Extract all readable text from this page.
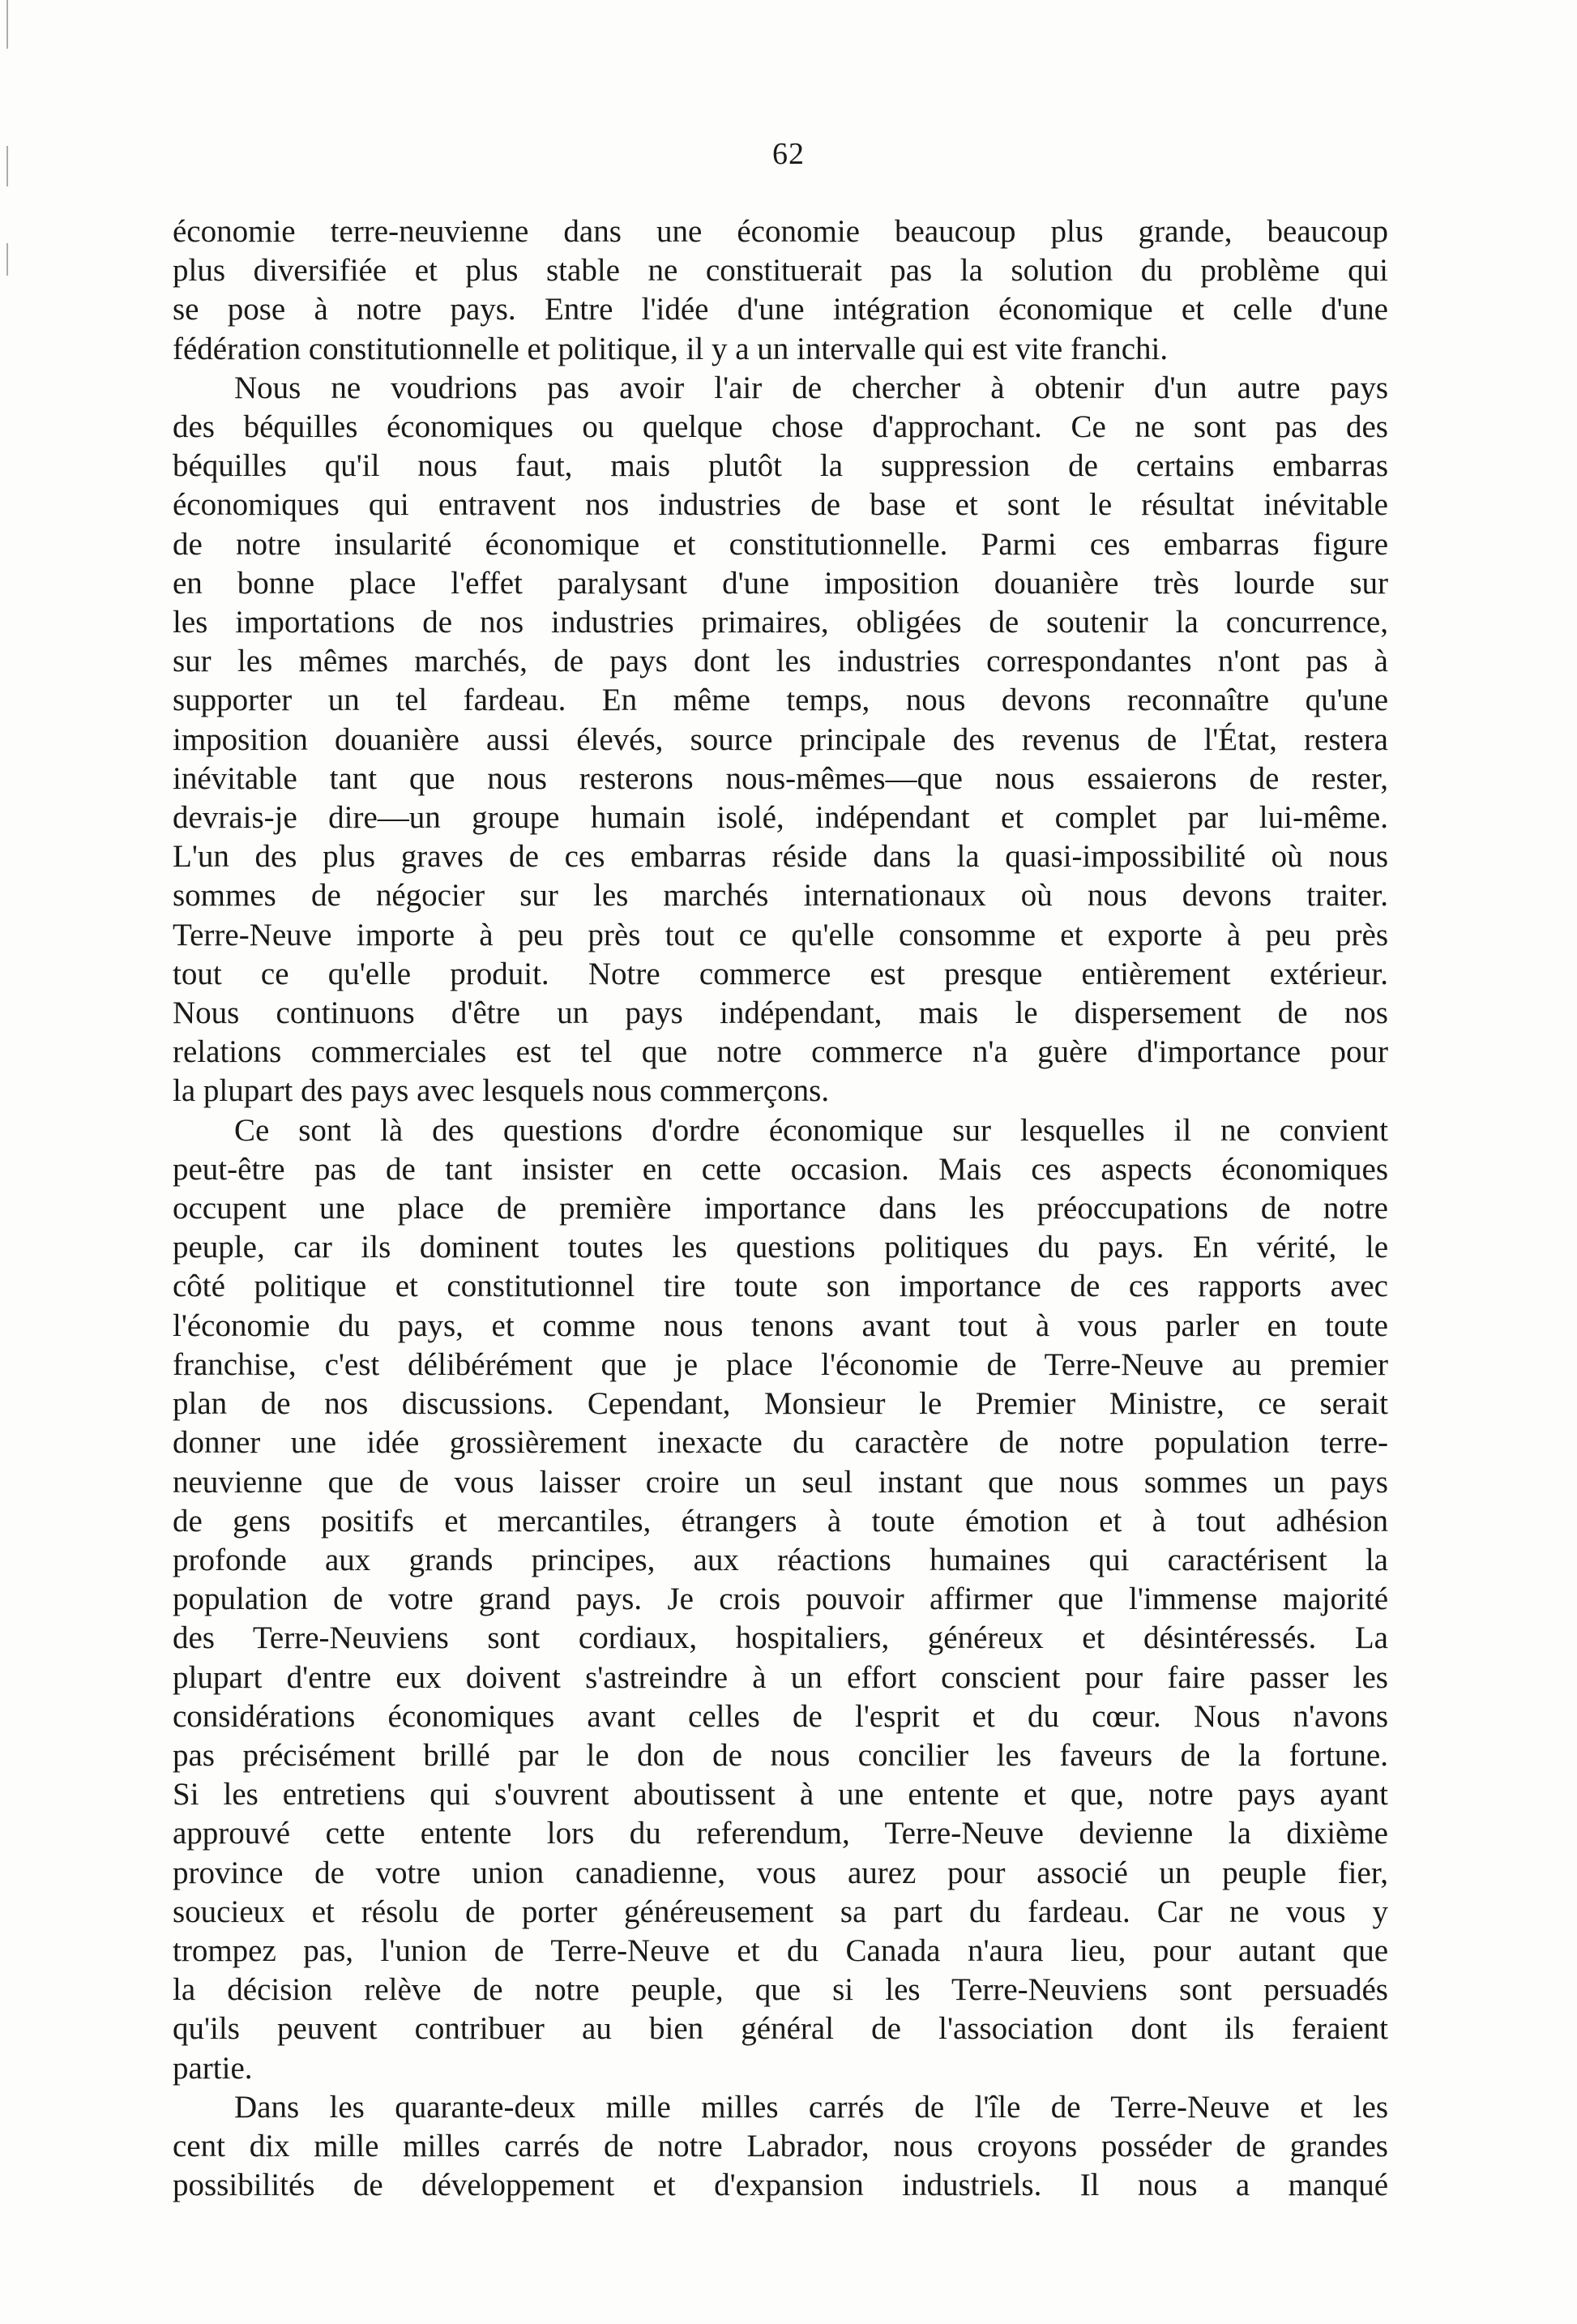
62

économie terre-neuvienne dans une économie beaucoup plus grande, beaucoup
plus diversifiée et plus stable ne constituerait pas la solution du problème qui
se pose à notre pays. Entre l'idée d'une intégration économique et celle d'une
fédération constitutionnelle et politique, il y a un intervalle qui est vite franchi.

Nous ne voudrions pas avoir l'air de chercher à obtenir d'un autre pays
des béquilles économiques ou quelque chose d'approchant. Ce ne sont pas des
béquilles qu'il nous faut, mais plutôt la suppression de certains embarras
économiques qui entravent nos industries de base et sont le résultat inévitable
de notre insularité économique et constitutionnelle. Parmi ces embarras figure
en bonne place l'effet paralysant d'une imposition douanière très lourde sur
les importations de nos industries primaires, obligées de soutenir la concurrence,
sur les mêmes marchés, de pays dont les industries correspondantes n'ont pas à
supporter un tel fardeau. En même temps, nous devons reconnaître qu'une
imposition douanière aussi élevés, source principale des revenus de l'État, restera
inévitable tant que nous resterons nous-mêmes—que nous essaierons de rester,
devrais-je dire—un groupe humain isolé, indépendant et complet par lui-même.
L'un des plus graves de ces embarras réside dans la quasi-impossibilité où nous
sommes de négocier sur les marchés internationaux où nous devons traiter.
Terre-Neuve importe à peu près tout ce qu'elle consomme et exporte à peu près
tout ce qu'elle produit. Notre commerce est presque entièrement extérieur.
Nous continuons d'être un pays indépendant, mais le dispersement de nos
relations commerciales est tel que notre commerce n'a guère d'importance pour
la plupart des pays avec lesquels nous commerçons.

Ce sont là des questions d'ordre économique sur lesquelles il ne convient
peut-être pas de tant insister en cette occasion. Mais ces aspects économiques
occupent une place de première importance dans les préoccupations de notre
peuple, car ils dominent toutes les questions politiques du pays. En vérité, le
côté politique et constitutionnel tire toute son importance de ces rapports avec
l'économie du pays, et comme nous tenons avant tout à vous parler en toute
franchise, c'est délibérément que je place l'économie de Terre-Neuve au premier
plan de nos discussions. Cependant, Monsieur le Premier Ministre, ce serait
donner une idée grossièrement inexacte du caractère de notre population terre-
neuvienne que de vous laisser croire un seul instant que nous sommes un pays
de gens positifs et mercantiles, étrangers à toute émotion et à tout adhésion
profonde aux grands principes, aux réactions humaines qui caractérisent la
population de votre grand pays. Je crois pouvoir affirmer que l'immense majorité
des Terre-Neuviens sont cordiaux, hospitaliers, généreux et désintéressés. La
plupart d'entre eux doivent s'astreindre à un effort conscient pour faire passer les
considérations économiques avant celles de l'esprit et du cœur. Nous n'avons
pas précisément brillé par le don de nous concilier les faveurs de la fortune.
Si les entretiens qui s'ouvrent aboutissent à une entente et que, notre pays ayant
approuvé cette entente lors du referendum, Terre-Neuve devienne la dixième
province de votre union canadienne, vous aurez pour associé un peuple fier,
soucieux et résolu de porter généreusement sa part du fardeau. Car ne vous y
trompez pas, l'union de Terre-Neuve et du Canada n'aura lieu, pour autant que
la décision relève de notre peuple, que si les Terre-Neuviens sont persuadés
qu'ils peuvent contribuer au bien général de l'association dont ils feraient
partie.

Dans les quarante-deux mille milles carrés de l'île de Terre-Neuve et les
cent dix mille milles carrés de notre Labrador, nous croyons posséder de grandes
possibilités de développement et d'expansion industriels. Il nous a manqué
